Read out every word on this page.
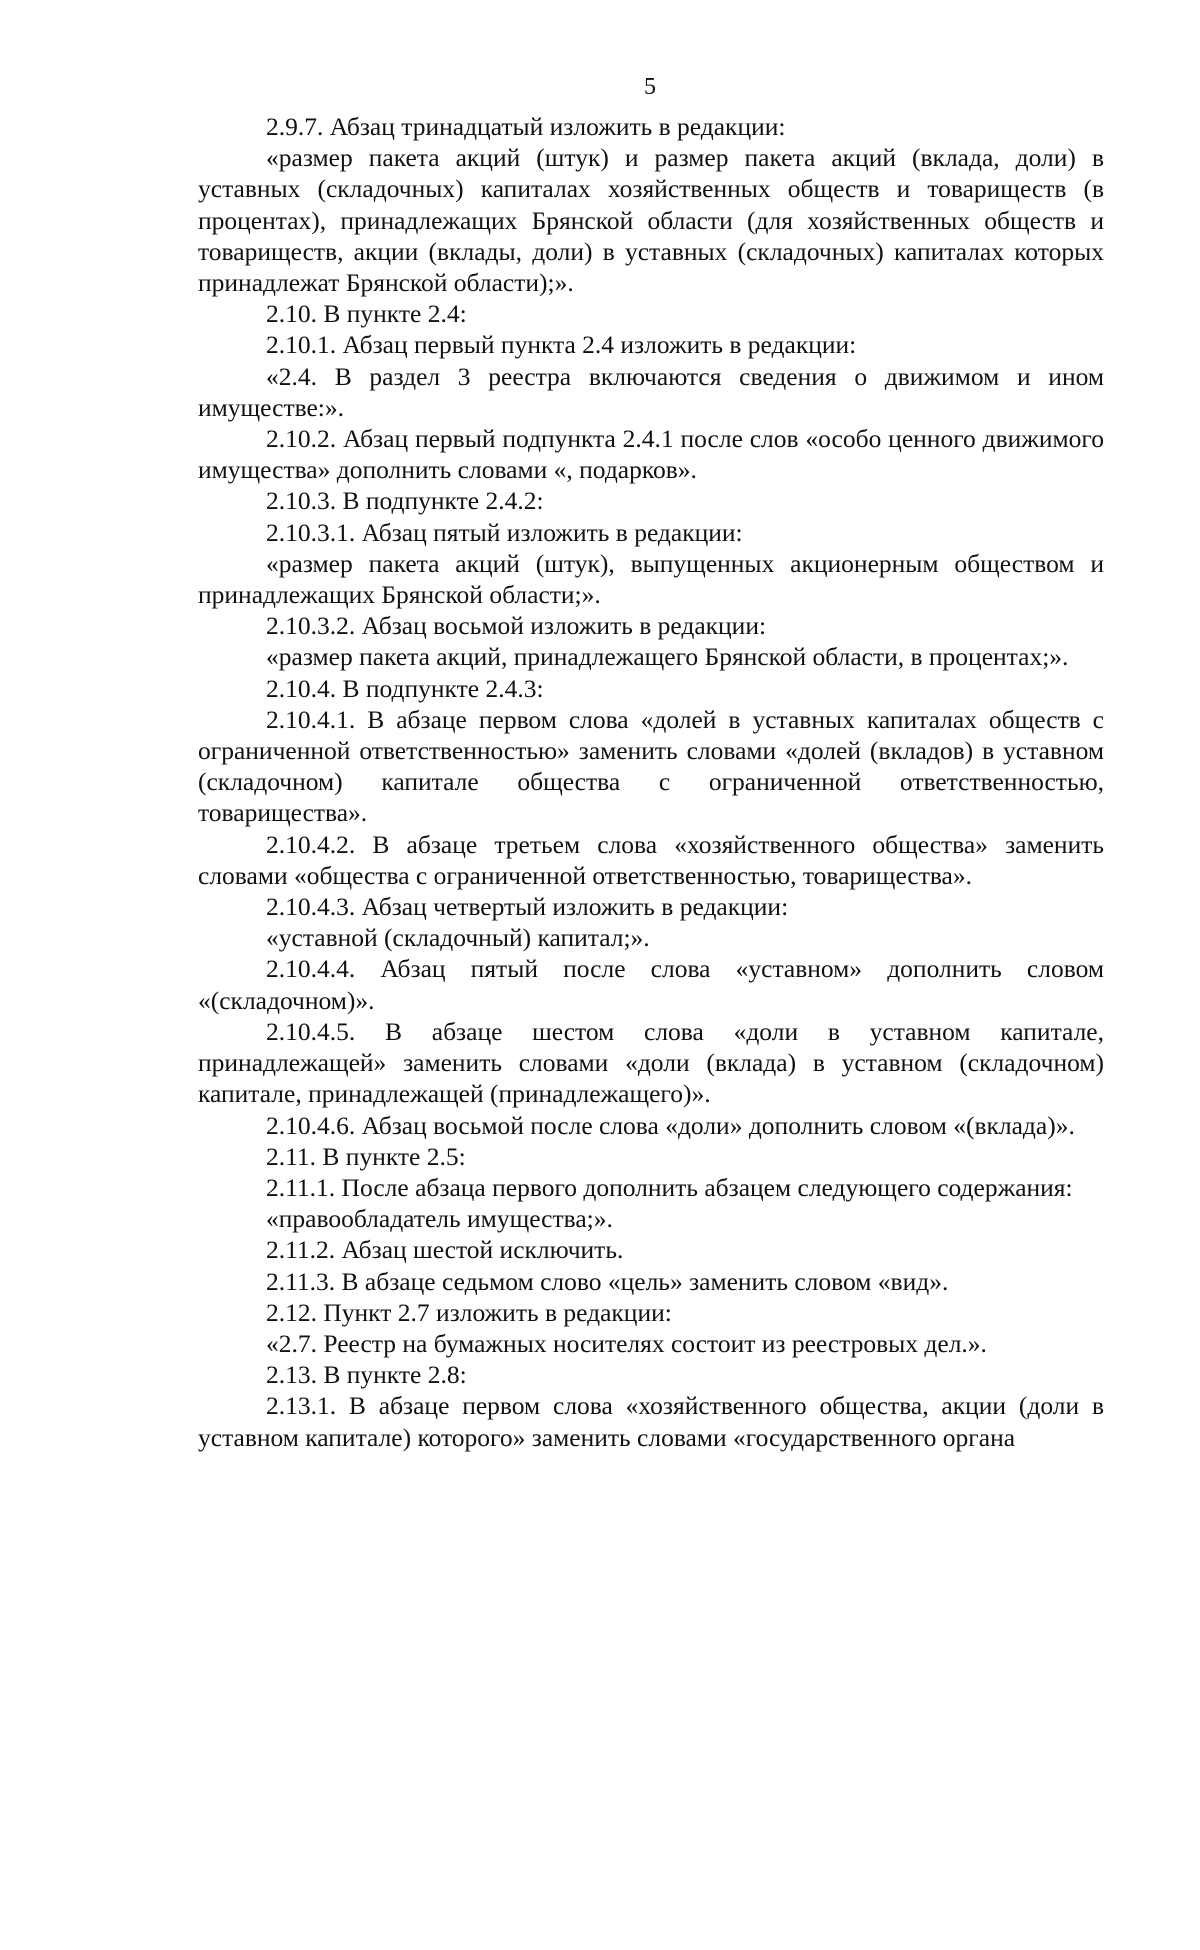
5

2.9.7. Абзац тринадцатый изложить в редакции:

«размер пакета акций (штук) и размер пакета акций (вклада, доли) в уставных (складочных) капиталах хозяйственных обществ и товариществ (в процентах), принадлежащих Брянской области (для хозяйственных обществ и товариществ, акции (вклады, доли) в уставных (складочных) капиталах которых принадлежат Брянской области);».

2.10. В пункте 2.4:

2.10.1. Абзац первый пункта 2.4 изложить в редакции:

«2.4. В раздел 3 реестра включаются сведения о движимом и ином имуществе:».

2.10.2. Абзац первый подпункта 2.4.1 после слов «особо ценного движимого имущества» дополнить словами «, подарков».

2.10.3. В подпункте 2.4.2:

2.10.3.1. Абзац пятый изложить в редакции:

«размер пакета акций (штук), выпущенных акционерным обществом и принадлежащих Брянской области;».

2.10.3.2. Абзац восьмой изложить в редакции:

«размер пакета акций, принадлежащего Брянской области, в процентах;».

2.10.4. В подпункте 2.4.3:

2.10.4.1. В абзаце первом слова «долей в уставных капиталах обществ с ограниченной ответственностью» заменить словами «долей (вкладов) в уставном (складочном) капитале общества с ограниченной ответственностью, товарищества».

2.10.4.2. В абзаце третьем слова «хозяйственного общества» заменить словами «общества с ограниченной ответственностью, товарищества».

2.10.4.3. Абзац четвертый изложить в редакции:

«уставной (складочный) капитал;».

2.10.4.4. Абзац пятый после слова «уставном» дополнить словом «(складочном)».

2.10.4.5. В абзаце шестом слова «доли в уставном капитале, принадлежащей» заменить словами «доли (вклада) в уставном (складочном) капитале, принадлежащей (принадлежащего)».

2.10.4.6. Абзац восьмой после слова «доли» дополнить словом «(вклада)».

2.11. В пункте 2.5:

2.11.1. После абзаца первого дополнить абзацем следующего содержания:

«правообладатель имущества;».

2.11.2. Абзац шестой исключить.

2.11.3. В абзаце седьмом слово «цель» заменить словом «вид».

2.12. Пункт 2.7 изложить в редакции:

«2.7. Реестр на бумажных носителях состоит из реестровых дел.».

2.13. В пункте 2.8:

2.13.1. В абзаце первом слова «хозяйственного общества, акции (доли в уставном капитале) которого» заменить словами «государственного органа
